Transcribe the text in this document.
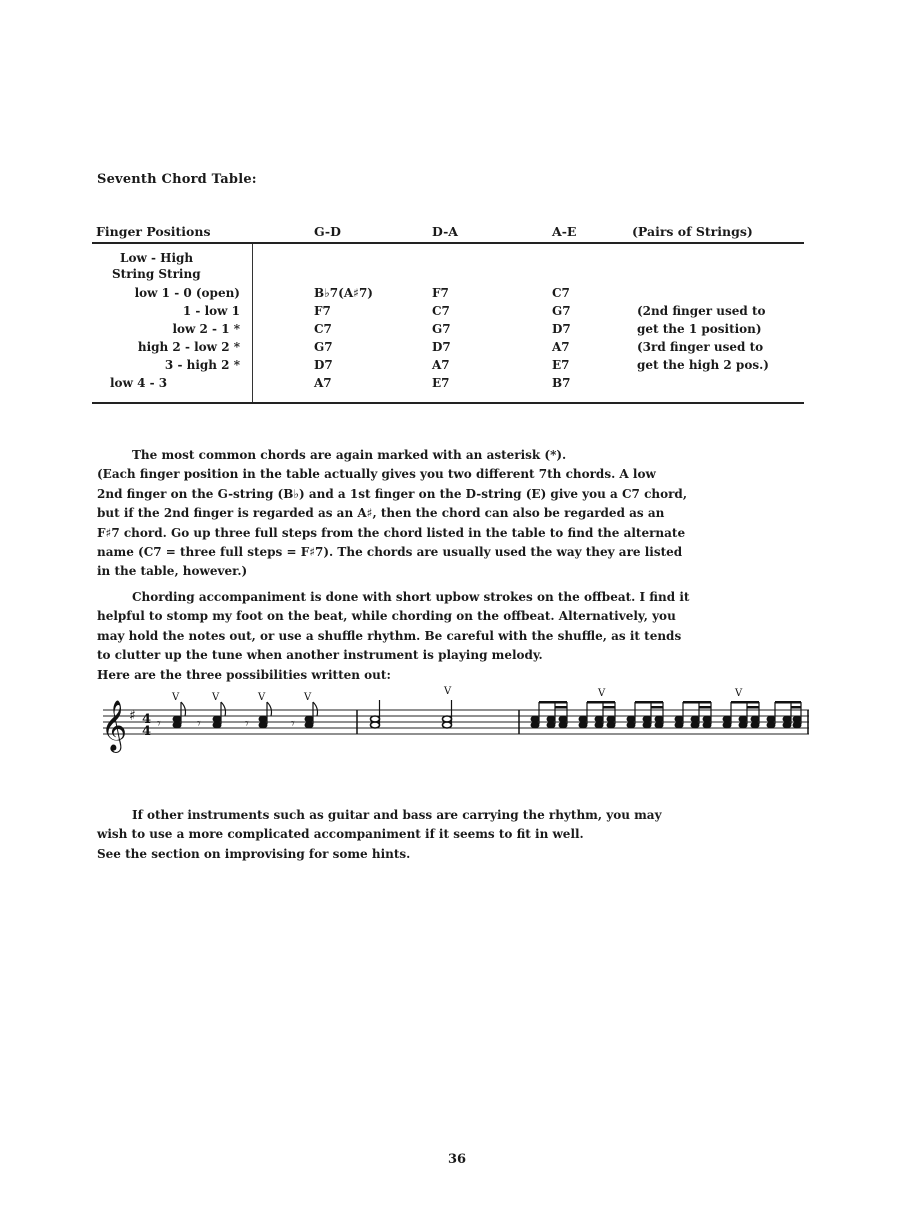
Seventh Chord Table:
Finger Positions	G-D	D-A	A-E	(Pairs of Strings)
Low - High
String String
low 1 - 0 (open)	B♭7(A♯7)	F7	C7
1 - low 1	F7	C7	G7	(2nd finger used to
low 2 - 1 *	C7	G7	D7	get the 1 position)
high 2 - low 2 *	G7	D7	A7	(3rd finger used to
3 - high 2 *	D7	A7	E7	get the high 2 pos.)
low 4 - 3	A7	E7	B7

The most common chords are again marked with an asterisk (*).

(Each finger position in the table actually gives you two different 7th chords. A low

2nd finger on the G-string (B♭) and a 1st finger on the D-string (E) give you a C7 chord,

but if the 2nd finger is regarded as an A♯, then the chord can also be regarded as an

F♯7 chord. Go up three full steps from the chord listed in the table to find the alternate

name (C7 = three full steps = F♯7). The chords are usually used the way they are listed

in the table, however.)

Chording accompaniment is done with short upbow strokes on the offbeat. I find it

helpful to stomp my foot on the beat, while chording on the offbeat. Alternatively, you

may hold the notes out, or use a shuffle rhythm. Be careful with the shuffle, as it tends

to clutter up the tune when another instrument is playing melody.

Here are the three possibilities written out:

𝄞 ♯ 4
4 𝄾
V
𝄾
V
𝄾
V
𝄾
V
V	V	V

If other instruments such as guitar and bass are carrying the rhythm, you may

wish to use a more complicated accompaniment if it seems to fit in well.

See the section on improvising for some hints.

36
